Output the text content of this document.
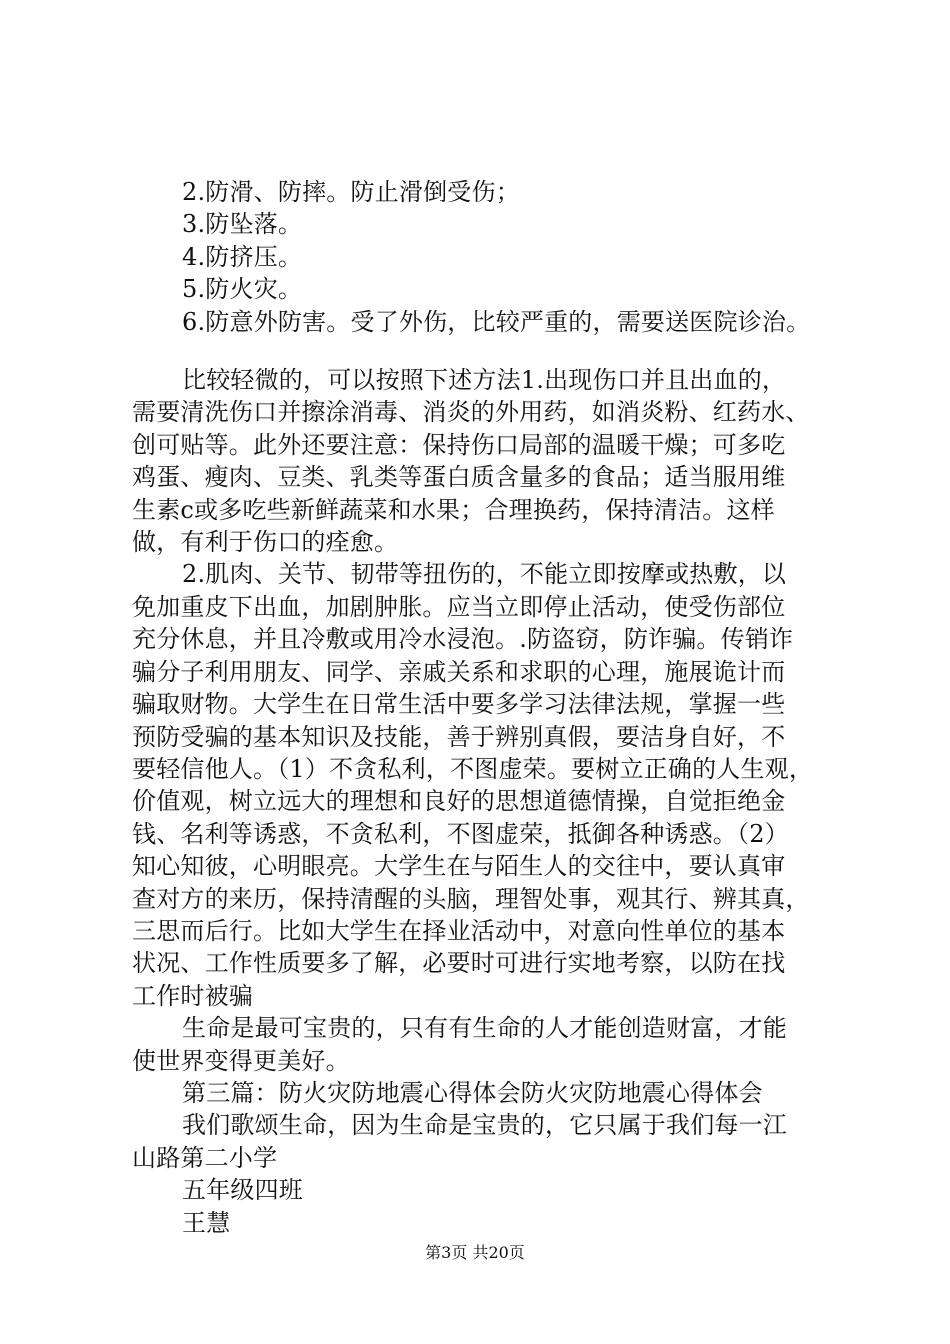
2.防滑、防摔。防止滑倒受伤；

3.防坠落。

4.防挤压。

5.防火灾。

6.防意外防害。受了外伤，比较严重的，需要送医院诊治。

比较轻微的，可以按照下述方法1.出现伤口并且出血的，

需要清洗伤口并擦涂消毒、消炎的外用药，如消炎粉、红药水、

创可贴等。此外还要注意：保持伤口局部的温暖干燥；可多吃

鸡蛋、瘦肉、豆类、乳类等蛋白质含量多的食品；适当服用维

生素c或多吃些新鲜蔬菜和水果；合理换药，保持清洁。这样

做，有利于伤口的痊愈。

2.肌肉、关节、韧带等扭伤的，不能立即按摩或热敷，以

免加重皮下出血，加剧肿胀。应当立即停止活动，使受伤部位

充分休息，并且冷敷或用冷水浸泡。.防盗窃，防诈骗。传销诈

骗分子利用朋友、同学、亲戚关系和求职的心理，施展诡计而

骗取财物。大学生在日常生活中要多学习法律法规，掌握一些

预防受骗的基本知识及技能，善于辨别真假，要洁身自好，不

要轻信他人。（1）不贪私利，不图虚荣。要树立正确的人生观，

价值观，树立远大的理想和良好的思想道德情操，自觉拒绝金

钱、名利等诱惑，不贪私利，不图虚荣，抵御各种诱惑。（2）

知心知彼，心明眼亮。大学生在与陌生人的交往中，要认真审

查对方的来历，保持清醒的头脑，理智处事，观其行、辨其真，

三思而后行。比如大学生在择业活动中，对意向性单位的基本

状况、工作性质要多了解，必要时可进行实地考察，以防在找

工作时被骗

生命是最可宝贵的，只有有生命的人才能创造财富，才能

使世界变得更美好。

第三篇：防火灾防地震心得体会防火灾防地震心得体会

我们歌颂生命，因为生命是宝贵的，它只属于我们每一江

山路第二小学

五年级四班

王慧

第3页 共20页
